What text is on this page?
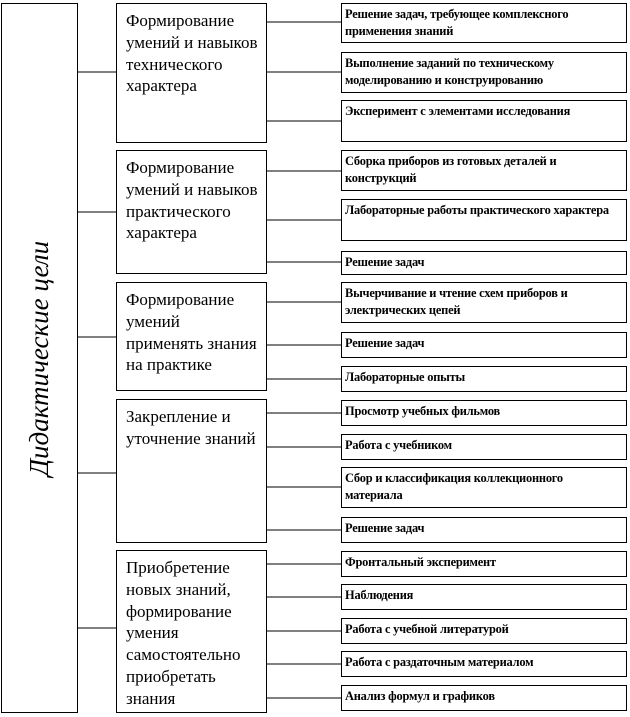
Дидактические цели
Формирование умений и навыков технического характера
Решение задач, требующее комплексного применения знаний
Выполнение заданий по техническому моделированию и конструированию
Эксперимент с элементами исследования
Формирование умений и навыков практического характера
Сборка приборов из готовых деталей и конструкций
Лабораторные работы практического характера
Решение задач
Формирование умений применять знания на практике
Вычерчивание и чтение схем приборов и электрических цепей
Решение задач
Лабораторные опыты
Закрепление и уточнение знаний
Просмотр учебных фильмов
Работа с учебником
Сбор и классификация коллекционного материала
Решение задач
Приобретение новых знаний, формирование умения самостоятельно приобретать знания
Фронтальный эксперимент
Наблюдения
Работа с учебной литературой
Работа с раздаточным материалом
Анализ формул и графиков
